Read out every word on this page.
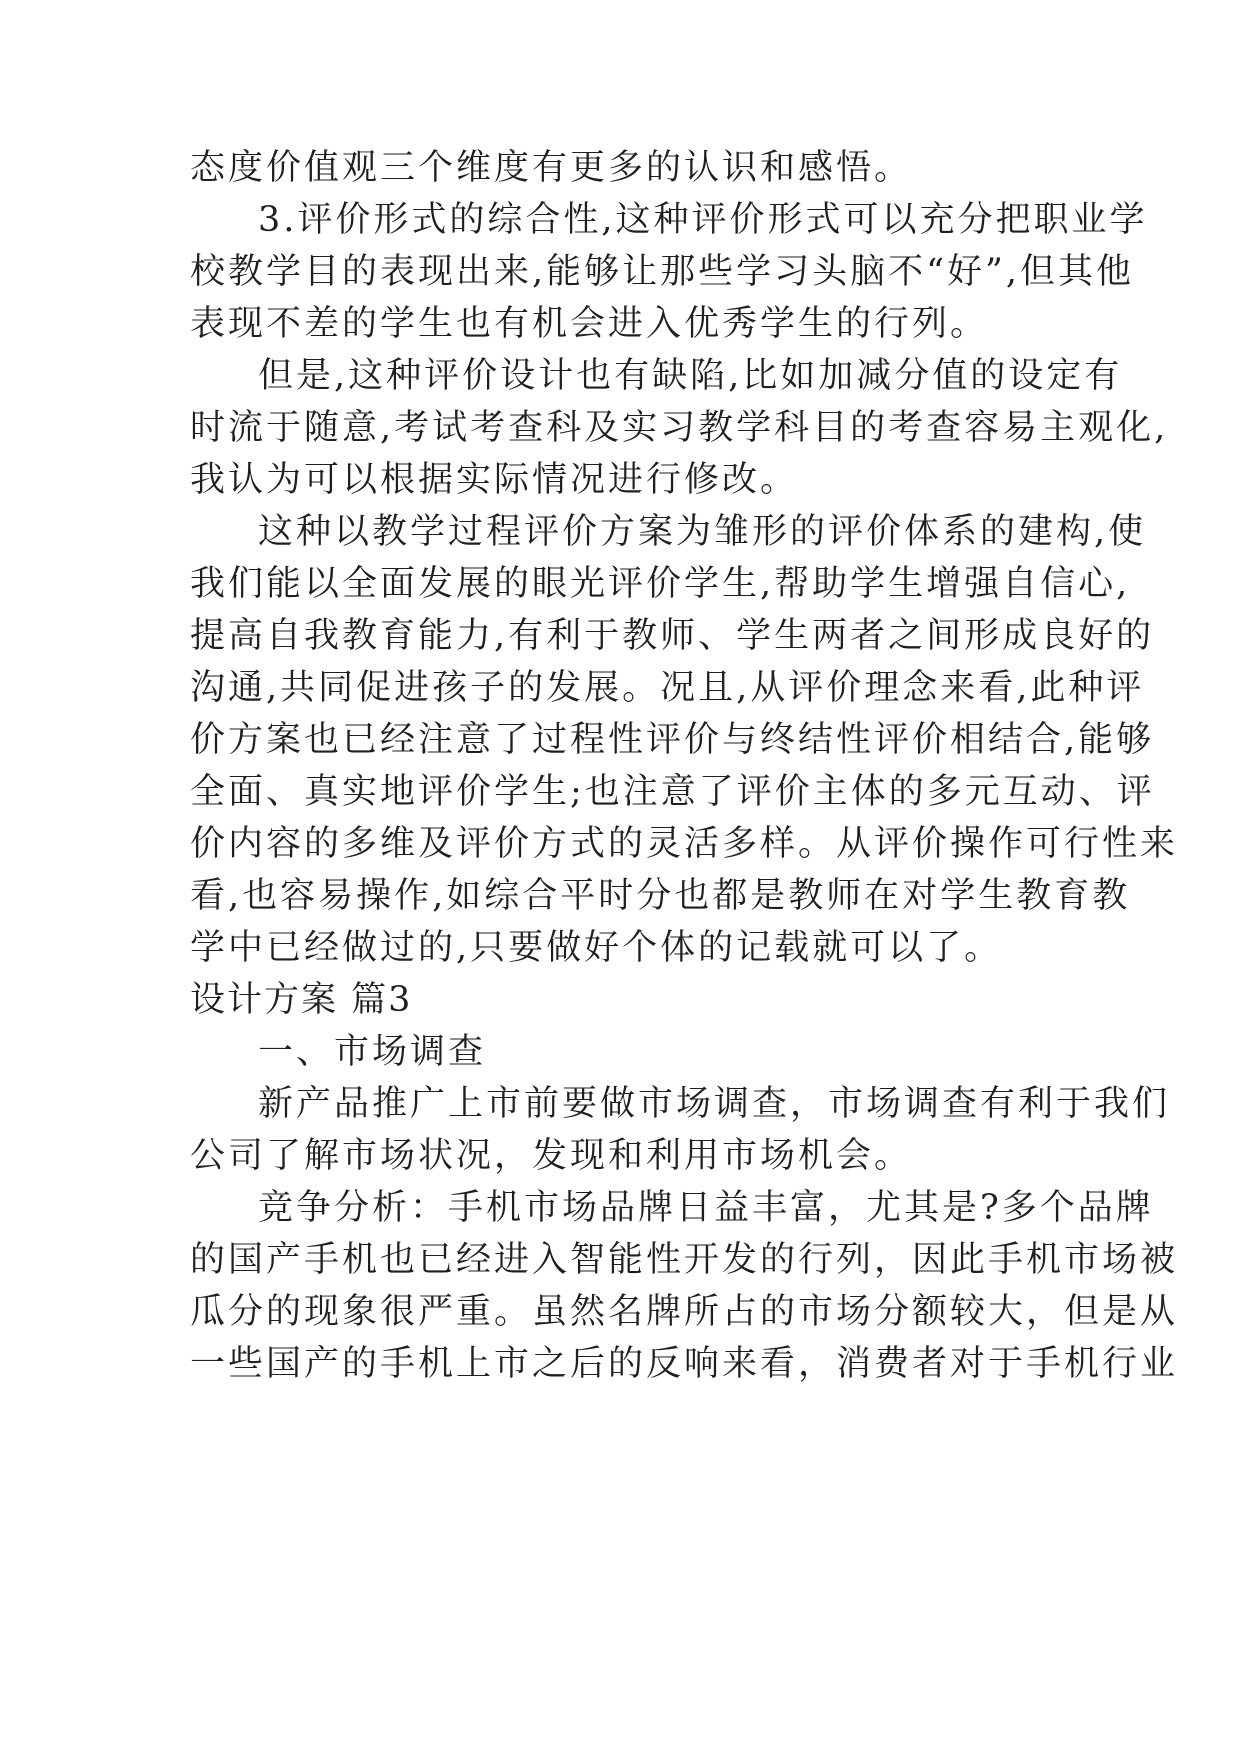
态度价值观三个维度有更多的认识和感悟。
3.评价形式的综合性,这种评价形式可以充分把职业学
校教学目的表现出来,能够让那些学习头脑不“好”,但其他
表现不差的学生也有机会进入优秀学生的行列。
但是,这种评价设计也有缺陷,比如加减分值的设定有
时流于随意,考试考查科及实习教学科目的考查容易主观化,
我认为可以根据实际情况进行修改。
这种以教学过程评价方案为雏形的评价体系的建构,使
我们能以全面发展的眼光评价学生,帮助学生增强自信心,
提高自我教育能力,有利于教师、学生两者之间形成良好的
沟通,共同促进孩子的发展。况且,从评价理念来看,此种评
价方案也已经注意了过程性评价与终结性评价相结合,能够
全面、真实地评价学生;也注意了评价主体的多元互动、评
价内容的多维及评价方式的灵活多样。从评价操作可行性来
看,也容易操作,如综合平时分也都是教师在对学生教育教
学中已经做过的,只要做好个体的记载就可以了。
设计方案 篇3
一、市场调查
新产品推广上市前要做市场调查，市场调查有利于我们
公司了解市场状况，发现和利用市场机会。
竞争分析：手机市场品牌日益丰富，尤其是?多个品牌
的国产手机也已经进入智能性开发的行列，因此手机市场被
瓜分的现象很严重。虽然名牌所占的市场分额较大，但是从
一些国产的手机上市之后的反响来看，消费者对于手机行业
